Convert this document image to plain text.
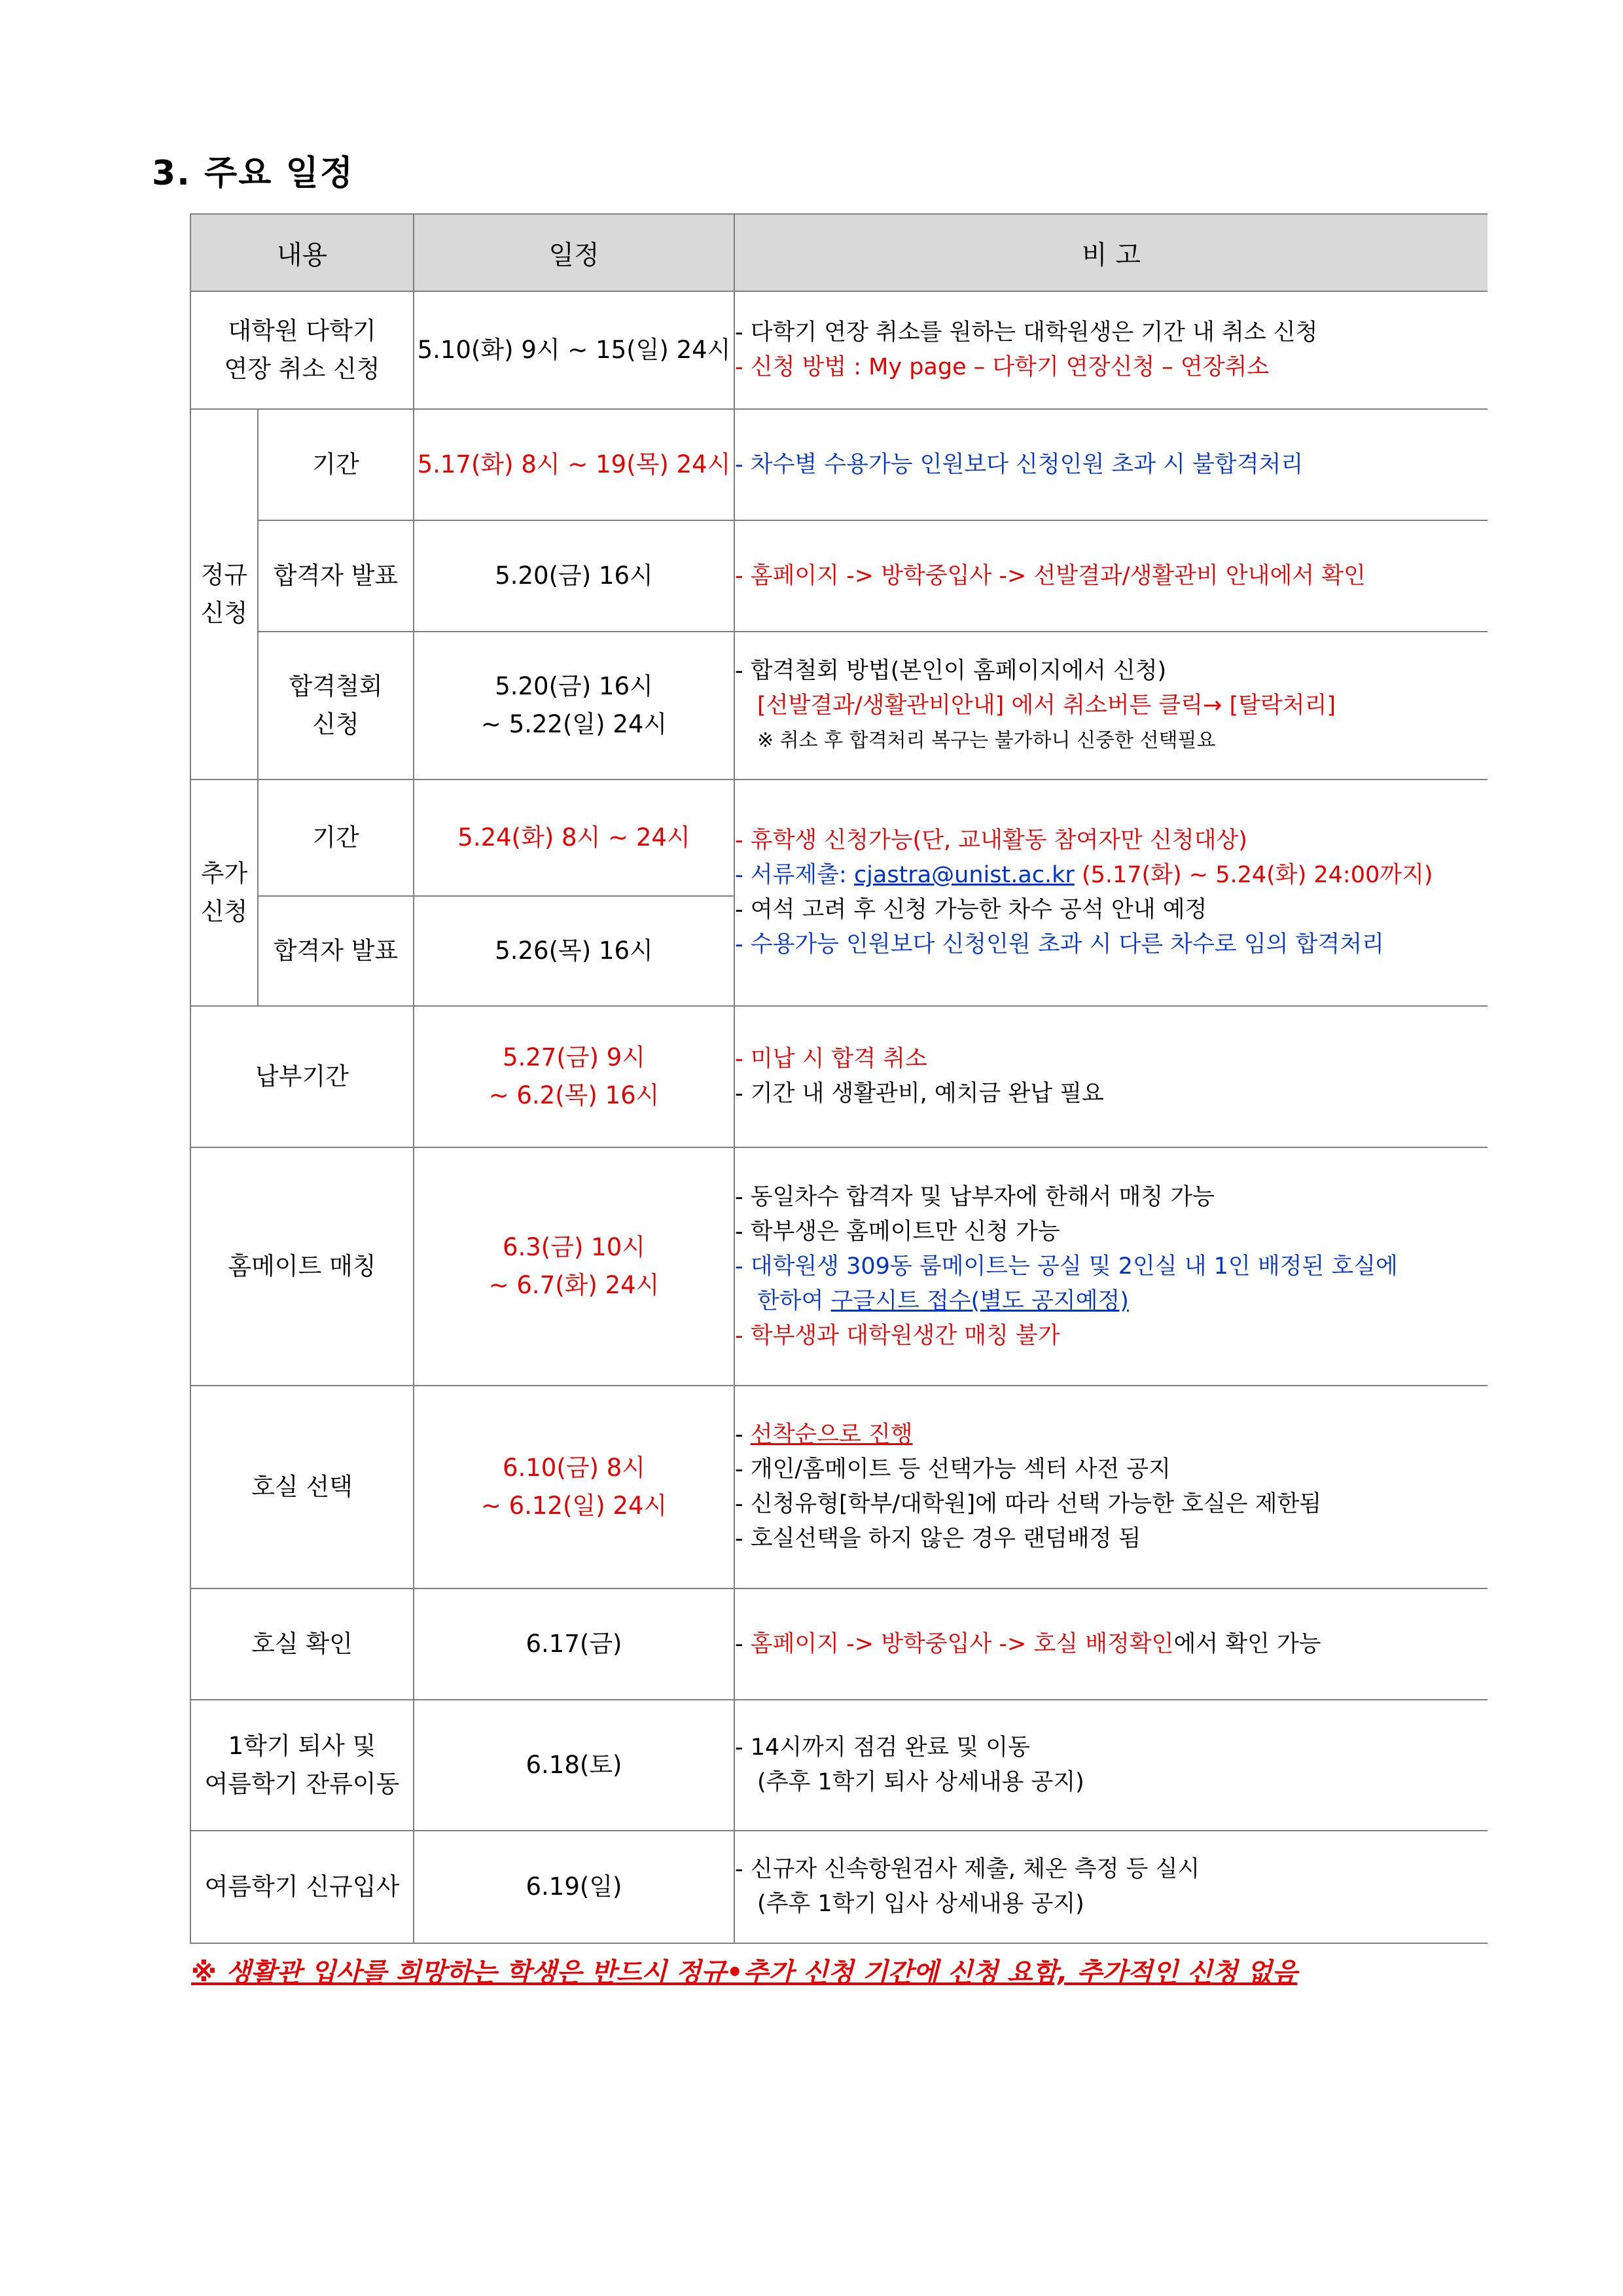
3. 주요 일정
내용		일정	비 고

대학원 다학기
연장 취소 신청		5.10(화) 9시 ~ 15(일) 24시	- 다학기 연장 취소를 원하는 대학원생은 기간 내 취소 신청
- 신청 방법 : My page – 다학기 연장신청 – 연장취소

정규
신청	기간	5.17(화) 8시 ~ 19(목) 24시	- 차수별 수용가능 인원보다 신청인원 초과 시 불합격처리

	합격자 발표	5.20(금) 16시	- 홈페이지 -> 방학중입사 -> 선발결과/생활관비 안내에서 확인

	합격철회
신청	5.20(금) 16시
~ 5.22(일) 24시	- 합격철회 방법(본인이 홈페이지에서 신청)
[선발결과/생활관비안내] 에서 취소버튼 클릭→ [탈락처리]
※ 취소 후 합격처리 복구는 불가하니 신중한 선택필요

추가
신청	기간	5.24(화) 8시 ~ 24시	- 휴학생 신청가능(단, 교내활동 참여자만 신청대상)
- 서류제출: cjastra@unist.ac.kr (5.17(화) ~ 5.24(화) 24:00까지)
- 여석 고려 후 신청 가능한 차수 공석 안내 예정
- 수용가능 인원보다 신청인원 초과 시 다른 차수로 임의 합격처리

	합격자 발표	5.26(목) 16시	
납부기간		5.27(금) 9시
~ 6.2(목) 16시	- 미납 시 합격 취소
- 기간 내 생활관비, 예치금 완납 필요

홈메이트 매칭		6.3(금) 10시
~ 6.7(화) 24시	- 동일차수 합격자 및 납부자에 한해서 매칭 가능
- 학부생은 홈메이트만 신청 가능
- 대학원생 309동 룸메이트는 공실 및 2인실 내 1인 배정된 호실에
한하여 구글시트 접수(별도 공지예정)
- 학부생과 대학원생간 매칭 불가

호실 선택		6.10(금) 8시
~ 6.12(일) 24시	- 선착순으로 진행
- 개인/홈메이트 등 선택가능 섹터 사전 공지
- 신청유형[학부/대학원]에 따라 선택 가능한 호실은 제한됨
- 호실선택을 하지 않은 경우 랜덤배정 됨

호실 확인		6.17(금)	- 홈페이지 -> 방학중입사 -> 호실 배정확인에서 확인 가능

1학기 퇴사 및
여름학기 잔류이동		6.18(토)	- 14시까지 점검 완료 및 이동
(추후 1학기 퇴사 상세내용 공지)

여름학기 신규입사		6.19(일)	- 신규자 신속항원검사 제출, 체온 측정 등 실시
(추후 1학기 입사 상세내용 공지)
※ 생활관 입사를 희망하는 학생은 반드시 정규•추가 신청 기간에 신청 요함, 추가적인 신청 없음
